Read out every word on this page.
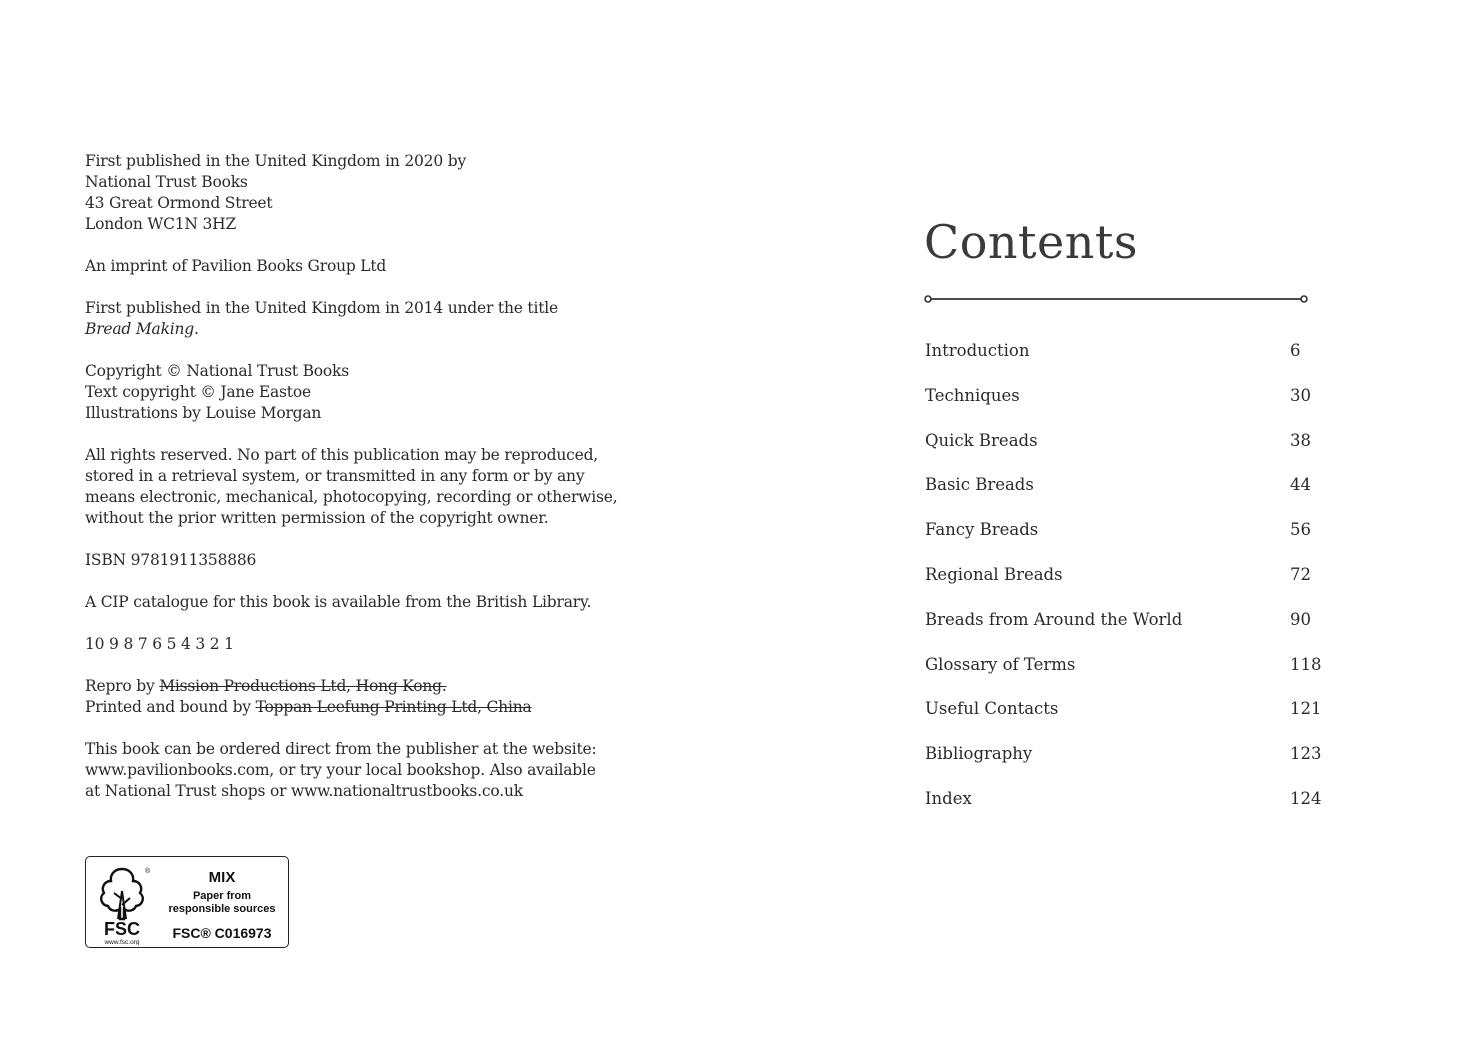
First published in the United Kingdom in 2020 by
National Trust Books
43 Great Ormond Street
London WC1N 3HZ

An imprint of Pavilion Books Group Ltd

First published in the United Kingdom in 2014 under the title
Bread Making.

Copyright © National Trust Books
Text copyright © Jane Eastoe
Illustrations by Louise Morgan

All rights reserved. No part of this publication may be reproduced,
stored in a retrieval system, or transmitted in any form or by any
means electronic, mechanical, photocopying, recording or otherwise,
without the prior written permission of the copyright owner.

ISBN 9781911358886

A CIP catalogue for this book is available from the British Library.

10 9 8 7 6 5 4 3 2 1

Repro by Mission Productions Ltd, Hong Kong.
Printed and bound by Toppan Leefung Printing Ltd, China

This book can be ordered direct from the publisher at the website:
www.pavilionbooks.com, or try your local bookshop. Also available
at National Trust shops or www.nationaltrustbooks.co.uk

FSC
www.fsc.org
®	MIX
Paper from
responsible sources
FSC® C016973
Contents
Introduction	6
Techniques	30
Quick Breads	38
Basic Breads	44
Fancy Breads	56
Regional Breads	72
Breads from Around the World	90
Glossary of Terms	118
Useful Contacts	121
Bibliography	123
Index	124
